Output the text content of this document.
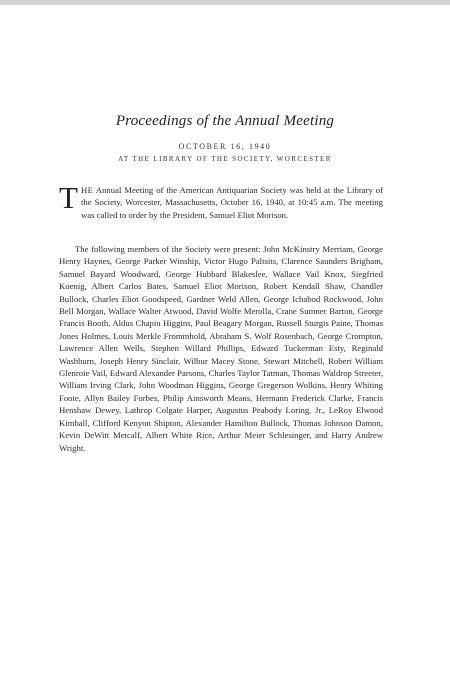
Proceedings of the Annual Meeting
OCTOBER 16, 1940
AT THE LIBRARY OF THE SOCIETY, WORCESTER
THE Annual Meeting of the American Antiquarian Society was held at the Library of the Society, Worcester, Massachusetts, October 16, 1940, at 10:45 a.m. The meeting was called to order by the President, Samuel Eliot Morison.
The following members of the Society were present: John McKinstry Merriam, George Henry Haynes, George Parker Winship, Victor Hugo Paltsits, Clarence Saunders Brigham, Samuel Bayard Woodward, George Hubbard Blakeslee, Wallace Vail Knox, Siegfried Koenig, Albert Carlos Bates, Samuel Eliot Morison, Robert Kendall Shaw, Chandler Bullock, Charles Eliot Goodspeed, Gardner Weld Allen, George Ichabod Rockwood, John Bell Morgan, Wallace Walter Atwood, David Wolfe Merolla, Crane Sumner Barton, George Francis Booth, Aldus Chapin Higgins, Paul Beagary Morgan, Russell Sturgis Paine, Thomas Jones Holmes, Louis Merkle Frommhold, Abraham S. Wolf Rosenbach, George Crompton, Lawrence Allen Wells, Stephen Willard Phillips, Edward Tuckerman Esty, Reginald Washburn, Joseph Henry Sinclair, Wilbur Macey Stone, Stewart Mitchell, Robert William Glenroie Vail, Edward Alexander Parsons, Charles Taylor Tatman, Thomas Waldrop Streeter, William Irving Clark, John Woodman Higgins, George Gregerson Wolkins, Henry Whiting Foote, Allyn Bailey Forbes, Philip Ainsworth Means, Hermann Frederick Clarke, Francis Henshaw Dewey, Lathrop Colgate Harper, Augustus Peabody Loring, Jr., LeRoy Elwood Kimball, Clifford Kenyon Shipton, Alexander Hamilton Bullock, Thomas Johnson Damon, Kevin DeWitt Metcalf, Albert White Rice, Arthur Meier Schlesinger, and Harry Andrew Wright.
